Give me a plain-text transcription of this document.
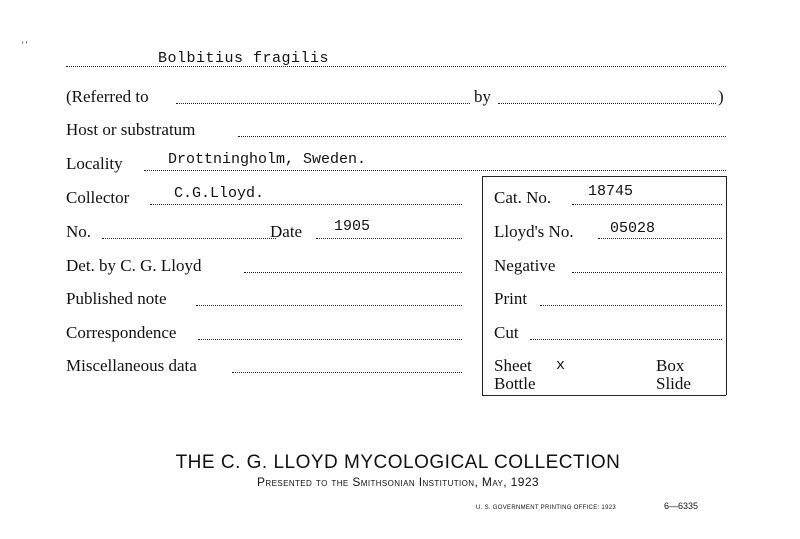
' '
Bolbitius fragilis
(Referred to	by	)
Host or substratum
Locality	Drottningholm, Sweden.
Collector	C.G.Lloyd.	Cat. No. 18745
No.	Date 1905	Lloyd's No. 05028
Det. by C. G. Lloyd	Negative
Published note	Print
Correspondence	Cut
Miscellaneous data	Sheet x	Box
Bottle	Slide
THE C. G. LLOYD MYCOLOGICAL COLLECTION
Presented to the Smithsonian Institution, May, 1923
U. S. GOVERNMENT PRINTING OFFICE: 1923	6—6335
